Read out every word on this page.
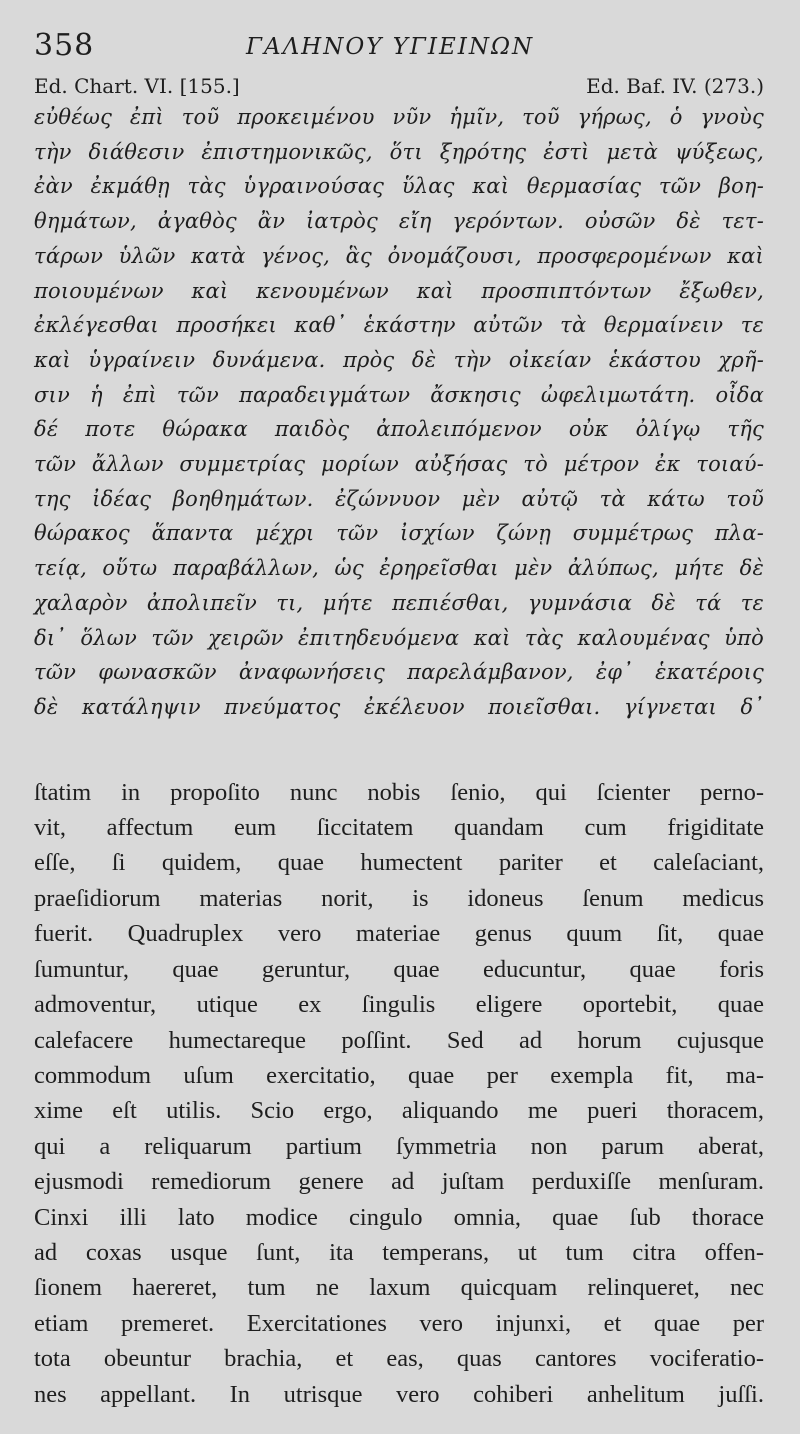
358	ΓΑΛΗΝΟΥ ΥΓΙΕΙΝΩΝ
Ed. Chart. VI. [155.]	Ed. Baf. IV. (273.)
εὐθέως ἐπὶ τοῦ προκειμένου νῦν ἡμῖν, τοῦ γήρως, ὁ γνοὺς
τὴν διάθεσιν ἐπιστημονικῶς, ὅτι ξηρότης ἐστὶ μετὰ ψύξεως,
ἐὰν ἐκμάθῃ τὰς ὑγραινούσας ὕλας καὶ θερμασίας τῶν βοη-
θημάτων, ἀγαθὸς ἂν ἰατρὸς εἴη γερόντων. οὐσῶν δὲ τετ-
τάρων ὑλῶν κατὰ γένος, ἃς ὀνομάζουσι, προσφερομένων καὶ
ποιουμένων καὶ κενουμένων καὶ προσπιπτόντων ἔξωθεν,
ἐκλέγεσθαι προσήκει καθ᾽ ἑκάστην αὐτῶν τὰ θερμαίνειν τε
καὶ ὑγραίνειν δυνάμενα. πρὸς δὲ τὴν οἰκείαν ἑκάστου χρῆ-
σιν ἡ ἐπὶ τῶν παραδειγμάτων ἄσκησις ὠφελιμωτάτη. οἶδα
δέ ποτε θώρακα παιδὸς ἀπολειπόμενον οὐκ ὀλίγῳ τῆς
τῶν ἄλλων συμμετρίας μορίων αὐξήσας τὸ μέτρον ἐκ τοιαύ-
της ἰδέας βοηθημάτων. ἐζώννυον μὲν αὐτῷ τὰ κάτω τοῦ
θώρακος ἅπαντα μέχρι τῶν ἰσχίων ζώνῃ συμμέτρως πλα-
τείᾳ, οὕτω παραβάλλων, ὡς ἐρηρεῖσθαι μὲν ἀλύπως, μήτε δὲ
χαλαρὸν ἀπολιπεῖν τι, μήτε πεπιέσθαι, γυμνάσια δὲ τά τε
δι᾽ ὅλων τῶν χειρῶν ἐπιτηδευόμενα καὶ τὰς καλουμένας ὑπὸ
τῶν φωνασκῶν ἀναφωνήσεις παρελάμβανον, ἐφ᾽ ἑκατέροις
δὲ κατάληψιν πνεύματος ἐκέλευον ποιεῖσθαι. γίγνεται δ᾽
ſtatim in propoſito nunc nobis ſenio, qui ſcienter perno-
vit, affectum eum ſiccitatem quandam cum frigiditate
eſſe, ſi quidem, quae humectent pariter et caleſaciant,
praeſidiorum materias norit, is idoneus ſenum medicus
fuerit. Quadruplex vero materiae genus quum ſit, quae
ſumuntur, quae geruntur, quae educuntur, quae foris
admoventur, utique ex ſingulis eligere oportebit, quae
calefacere humectareque poſſint. Sed ad horum cujusque
commodum uſum exercitatio, quae per exempla fit, ma-
xime eſt utilis. Scio ergo, aliquando me pueri thoracem,
qui a reliquarum partium ſymmetria non parum aberat,
ejusmodi remediorum genere ad juſtam perduxiſſe menſuram.
Cinxi illi lato modice cingulo omnia, quae ſub thorace
ad coxas usque ſunt, ita temperans, ut tum citra offen-
ſionem haereret, tum ne laxum quicquam relinqueret, nec
etiam premeret. Exercitationes vero injunxi, et quae per
tota obeuntur brachia, et eas, quas cantores vociferatio-
nes appellant. In utrisque vero cohiberi anhelitum juſſi.
